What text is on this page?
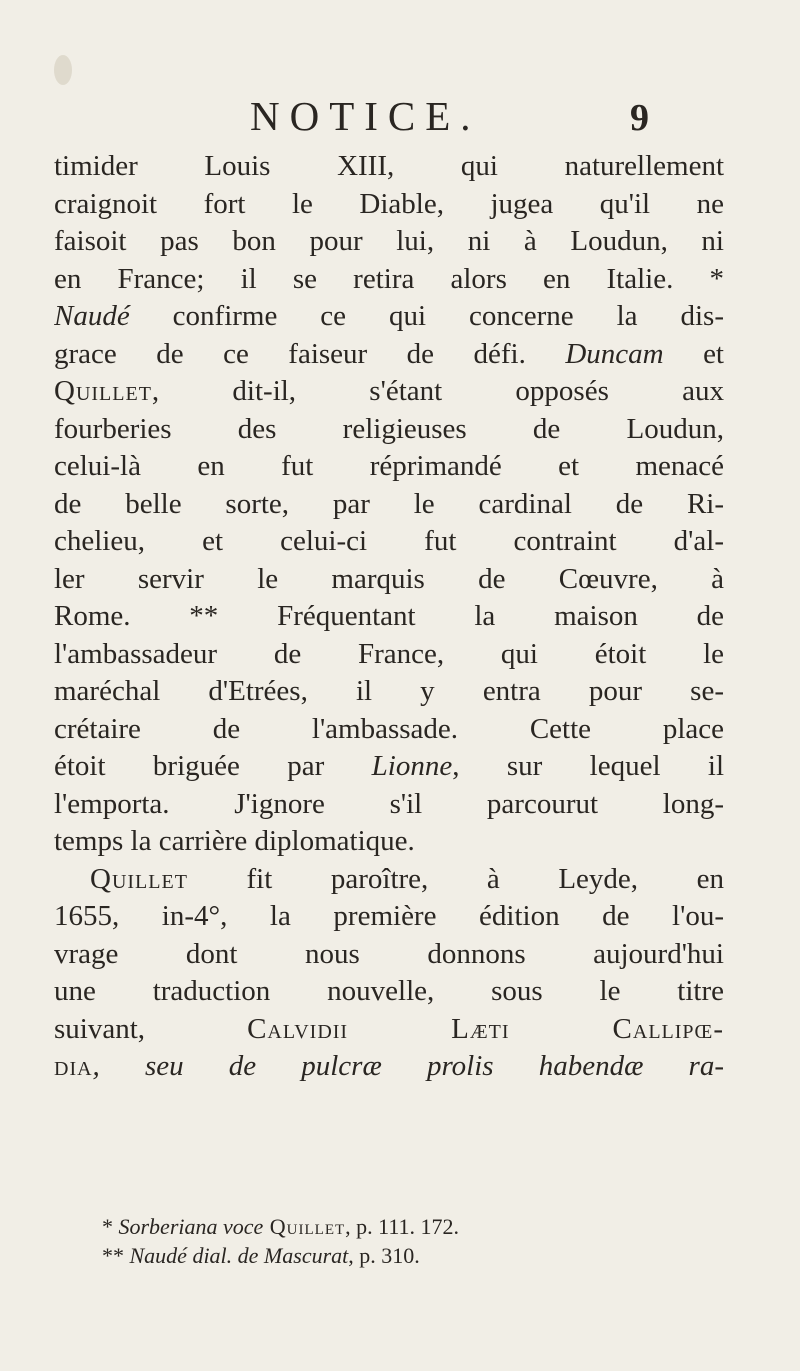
NOTICE.	9
timider Louis XIII, qui naturellement
craignoit fort le Diable, jugea qu'il ne
faisoit pas bon pour lui, ni à Loudun, ni
en France; il se retira alors en Italie. *
Naudé confirme ce qui concerne la dis-
grace de ce faiseur de défi. Duncam et
Quillet, dit-il, s'étant opposés aux
fourberies des religieuses de Loudun,
celui-là en fut réprimandé et menacé
de belle sorte, par le cardinal de Ri-
chelieu, et celui-ci fut contraint d'al-
ler servir le marquis de Cœuvre, à
Rome. ** Fréquentant la maison de
l'ambassadeur de France, qui étoit le
maréchal d'Etrées, il y entra pour se-
crétaire de l'ambassade. Cette place
étoit briguée par Lionne, sur lequel il
l'emporta. J'ignore s'il parcourut long-
temps la carrière diplomatique.
Quillet fit paroître, à Leyde, en
1655, in-4°, la première édition de l'ou-
vrage dont nous donnons aujourd'hui
une traduction nouvelle, sous le titre
suivant, Calvidii Læti Callipœ-
dia, seu de pulcræ prolis habendæ ra-
* Sorberiana voce Quillet, p. 111. 172.
** Naudé dial. de Mascurat, p. 310.
